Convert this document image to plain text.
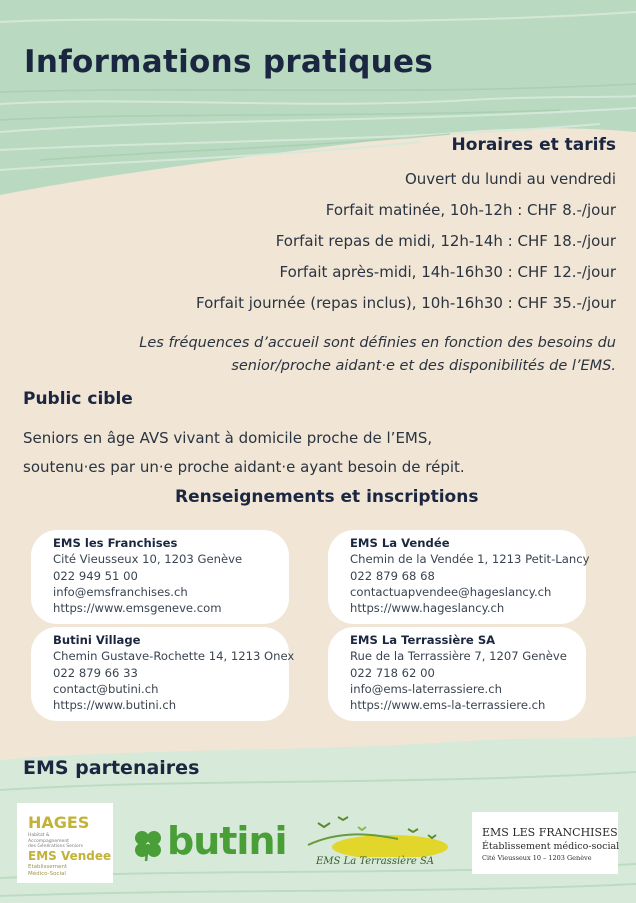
Informations pratiques
Horaires et tarifs
Ouvert du lundi au vendredi
Forfait matinée, 10h-12h : CHF 8.-/jour
Forfait repas de midi, 12h-14h : CHF 18.-/jour
Forfait après-midi, 14h-16h30 : CHF 12.-/jour
Forfait journée (repas inclus), 10h-16h30 : CHF 35.-/jour
Les fréquences d’accueil sont définies en fonction des besoins du
senior/proche aidant·e et des disponibilités de l’EMS.
Public cible
Seniors en âge AVS vivant à domicile proche de l’EMS,
soutenu·es par un·e proche aidant·e ayant besoin de répit.
Renseignements et inscriptions
EMS les Franchises
Cité Vieusseux 10, 1203 Genève
022 949 51 00
info@emsfranchises.ch
https://www.emsgeneve.com
EMS La Vendée
Chemin de la Vendée 1, 1213 Petit-Lancy
022 879 68 68
contactuapvendee@hageslancy.ch
https://www.hageslancy.ch
Butini Village
Chemin Gustave-Rochette 14, 1213 Onex
022 879 66 33
contact@butini.ch
https://www.butini.ch
EMS La Terrassière SA
Rue de la Terrassière 7, 1207 Genève
022 718 62 00
info@ems-laterrassiere.ch
https://www.ems-la-terrassiere.ch
EMS partenaires
HAGES
Habitat &
Accompagnement
des Générations Seniors
EMS Vendee
Etablissement
Médico-Social
butini	EMS La Terrassière SA
EMS LES FRANCHISES
Établissement médico-social
Cité Vieusseux 10 – 1203 Genève
